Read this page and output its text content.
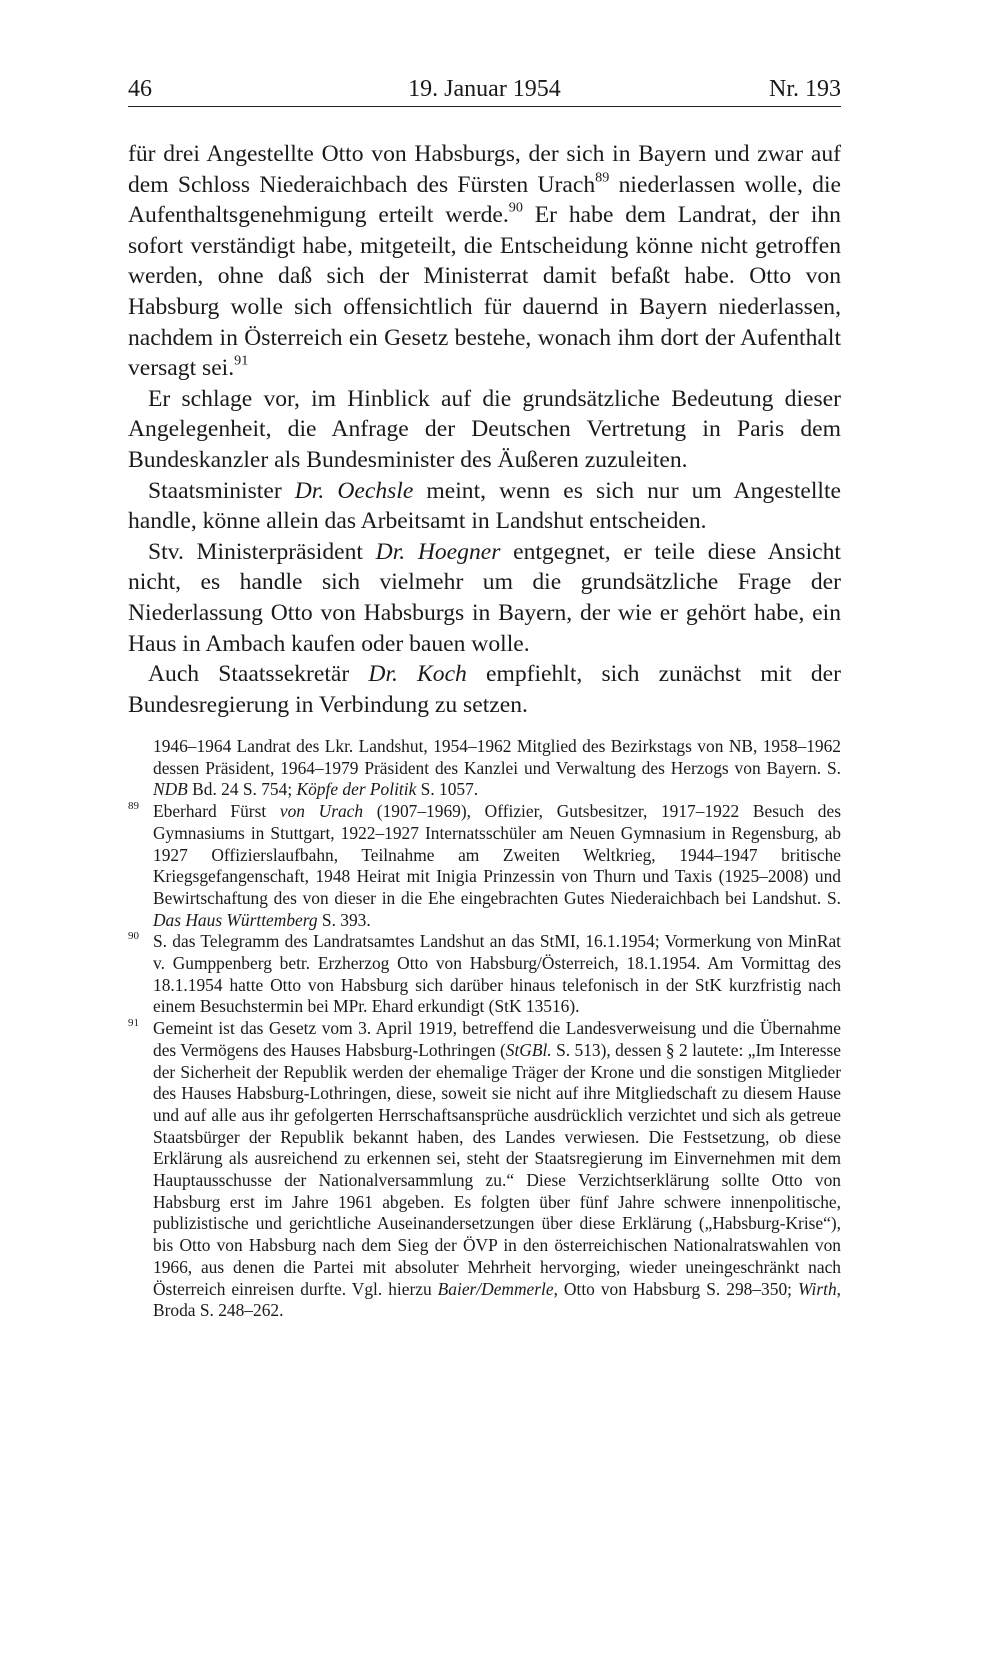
46	19. Januar 1954	Nr. 193

für drei Angestellte Otto von Habsburgs, der sich in Bayern und zwar auf dem Schloss Niederaichbach des Fürsten Urach$^{89}$ niederlassen wolle, die Aufenthaltsgenehmigung erteilt werde.$^{90}$ Er habe dem Landrat, der ihn sofort verständigt habe, mitgeteilt, die Entscheidung könne nicht getroffen werden, ohne daß sich der Ministerrat damit befaßt habe. Otto von Habsburg wolle sich offensichtlich für dauernd in Bayern niederlassen, nachdem in Österreich ein Gesetz bestehe, wonach ihm dort der Aufenthalt versagt sei.$^{91}$

Er schlage vor, im Hinblick auf die grundsätzliche Bedeutung dieser Angelegenheit, die Anfrage der Deutschen Vertretung in Paris dem Bundeskanzler als Bundesminister des Äußeren zuzuleiten.

Staatsminister Dr. Oechsle meint, wenn es sich nur um Angestellte handle, könne allein das Arbeitsamt in Landshut entscheiden.

Stv. Ministerpräsident Dr. Hoegner entgegnet, er teile diese Ansicht nicht, es handle sich vielmehr um die grundsätzliche Frage der Niederlassung Otto von Habsburgs in Bayern, der wie er gehört habe, ein Haus in Ambach kaufen oder bauen wolle.

Auch Staatssekretär Dr. Koch empfiehlt, sich zunächst mit der Bundesregierung in Verbindung zu setzen.

1946–1964 Landrat des Lkr. Landshut, 1954–1962 Mitglied des Bezirkstags von NB, 1958–1962 dessen Präsident, 1964–1979 Präsident des Kanzlei und Verwaltung des Herzogs von Bayern. S. NDB Bd. 24 S. 754; Köpfe der Politik S. 1057.

89 Eberhard Fürst von Urach (1907–1969), Offizier, Gutsbesitzer, 1917–1922 Besuch des Gymnasiums in Stuttgart, 1922–1927 Internatsschüler am Neuen Gymnasium in Regensburg, ab 1927 Offizierslaufbahn, Teilnahme am Zweiten Weltkrieg, 1944–1947 britische Kriegsgefangenschaft, 1948 Heirat mit Inigia Prinzessin von Thurn und Taxis (1925–2008) und Bewirtschaftung des von dieser in die Ehe eingebrachten Gutes Niederaichbach bei Landshut. S. Das Haus Württemberg S. 393.

90 S. das Telegramm des Landratsamtes Landshut an das StMI, 16.1.1954; Vormerkung von MinRat v. Gumppenberg betr. Erzherzog Otto von Habsburg/Österreich, 18.1.1954. Am Vormittag des 18.1.1954 hatte Otto von Habsburg sich darüber hinaus telefonisch in der StK kurzfristig nach einem Besuchstermin bei MPr. Ehard erkundigt (StK 13516).

91 Gemeint ist das Gesetz vom 3. April 1919, betreffend die Landesverweisung und die Übernahme des Vermögens des Hauses Habsburg-Lothringen (StGBl. S. 513), dessen § 2 lautete: „Im Interesse der Sicherheit der Republik werden der ehemalige Träger der Krone und die sonstigen Mitglieder des Hauses Habsburg-Lothringen, diese, soweit sie nicht auf ihre Mitgliedschaft zu diesem Hause und auf alle aus ihr gefolgerten Herrschaftsansprüche ausdrücklich verzichtet und sich als getreue Staatsbürger der Republik bekannt haben, des Landes verwiesen. Die Festsetzung, ob diese Erklärung als ausreichend zu erkennen sei, steht der Staatsregierung im Einvernehmen mit dem Hauptausschusse der Nationalversammlung zu.“ Diese Verzichtserklärung sollte Otto von Habsburg erst im Jahre 1961 abgeben. Es folgten über fünf Jahre schwere innenpolitische, publizistische und gerichtliche Auseinandersetzungen über diese Erklärung („Habsburg-Krise“), bis Otto von Habsburg nach dem Sieg der ÖVP in den österreichischen Nationalratswahlen von 1966, aus denen die Partei mit absoluter Mehrheit hervorging, wieder uneingeschränkt nach Österreich einreisen durfte. Vgl. hierzu Baier/Demmerle, Otto von Habsburg S. 298–350; Wirth, Broda S. 248–262.
